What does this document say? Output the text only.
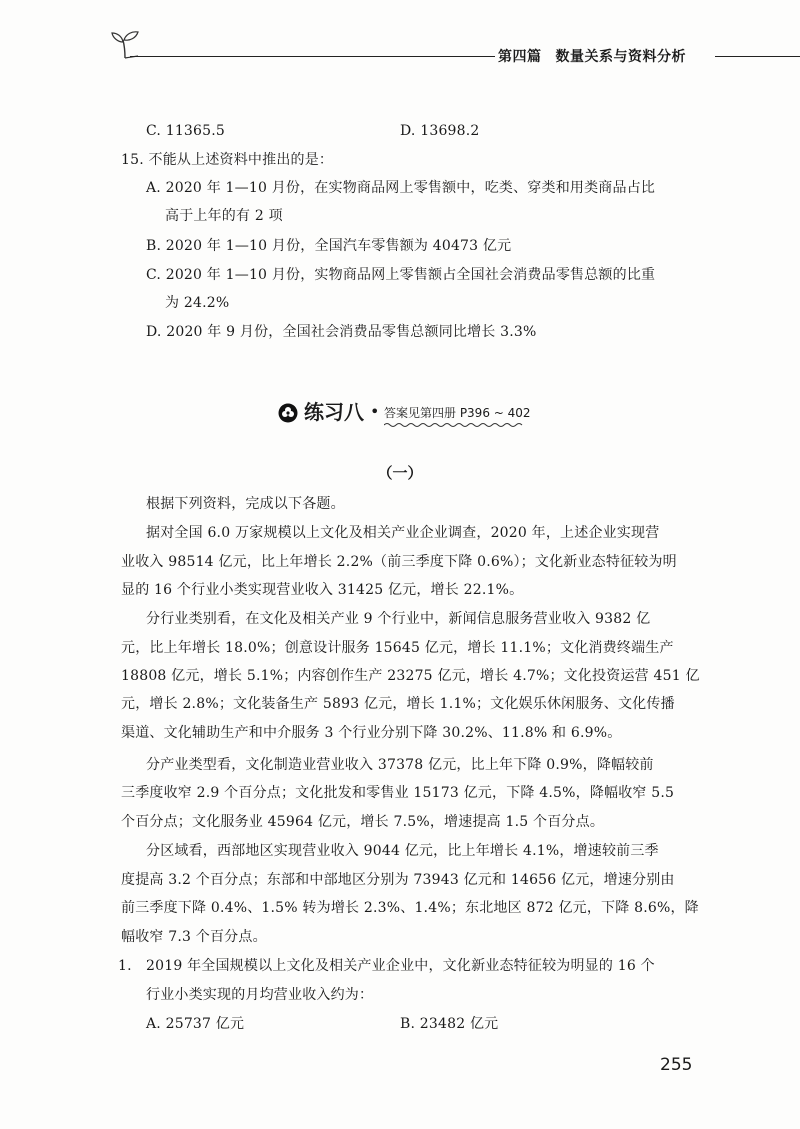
第四篇 数量关系与资料分析
C. 11365.5	D. 13698.2
15. 不能从上述资料中推出的是：
A. 2020 年 1—10 月份，在实物商品网上零售额中，吃类、穿类和用类商品占比
高于上年的有 2 项
B. 2020 年 1—10 月份，全国汽车零售额为 40473 亿元
C. 2020 年 1—10 月份，实物商品网上零售额占全国社会消费品零售总额的比重
为 24.2%
D. 2020 年 9 月份，全国社会消费品零售总额同比增长 3.3%
练习八 • 答案见第四册 P396 ~ 402
（一）
根据下列资料，完成以下各题。
据对全国 6.0 万家规模以上文化及相关产业企业调查，2020 年，上述企业实现营
业收入 98514 亿元，比上年增长 2.2%（前三季度下降 0.6%）；文化新业态特征较为明
显的 16 个行业小类实现营业收入 31425 亿元，增长 22.1%。
分行业类别看，在文化及相关产业 9 个行业中，新闻信息服务营业收入 9382 亿
元，比上年增长 18.0%；创意设计服务 15645 亿元，增长 11.1%；文化消费终端生产
18808 亿元，增长 5.1%；内容创作生产 23275 亿元，增长 4.7%；文化投资运营 451 亿
元，增长 2.8%；文化装备生产 5893 亿元，增长 1.1%；文化娱乐休闲服务、文化传播
渠道、文化辅助生产和中介服务 3 个行业分别下降 30.2%、11.8% 和 6.9%。
分产业类型看，文化制造业营业收入 37378 亿元，比上年下降 0.9%，降幅较前
三季度收窄 2.9 个百分点；文化批发和零售业 15173 亿元，下降 4.5%，降幅收窄 5.5
个百分点；文化服务业 45964 亿元，增长 7.5%，增速提高 1.5 个百分点。
分区域看，西部地区实现营业收入 9044 亿元，比上年增长 4.1%，增速较前三季
度提高 3.2 个百分点；东部和中部地区分别为 73943 亿元和 14656 亿元，增速分别由
前三季度下降 0.4%、1.5% 转为增长 2.3%、1.4%；东北地区 872 亿元，下降 8.6%，降
幅收窄 7.3 个百分点。
1. 2019 年全国规模以上文化及相关产业企业中，文化新业态特征较为明显的 16 个
行业小类实现的月均营业收入约为：
A. 25737 亿元	B. 23482 亿元
255
